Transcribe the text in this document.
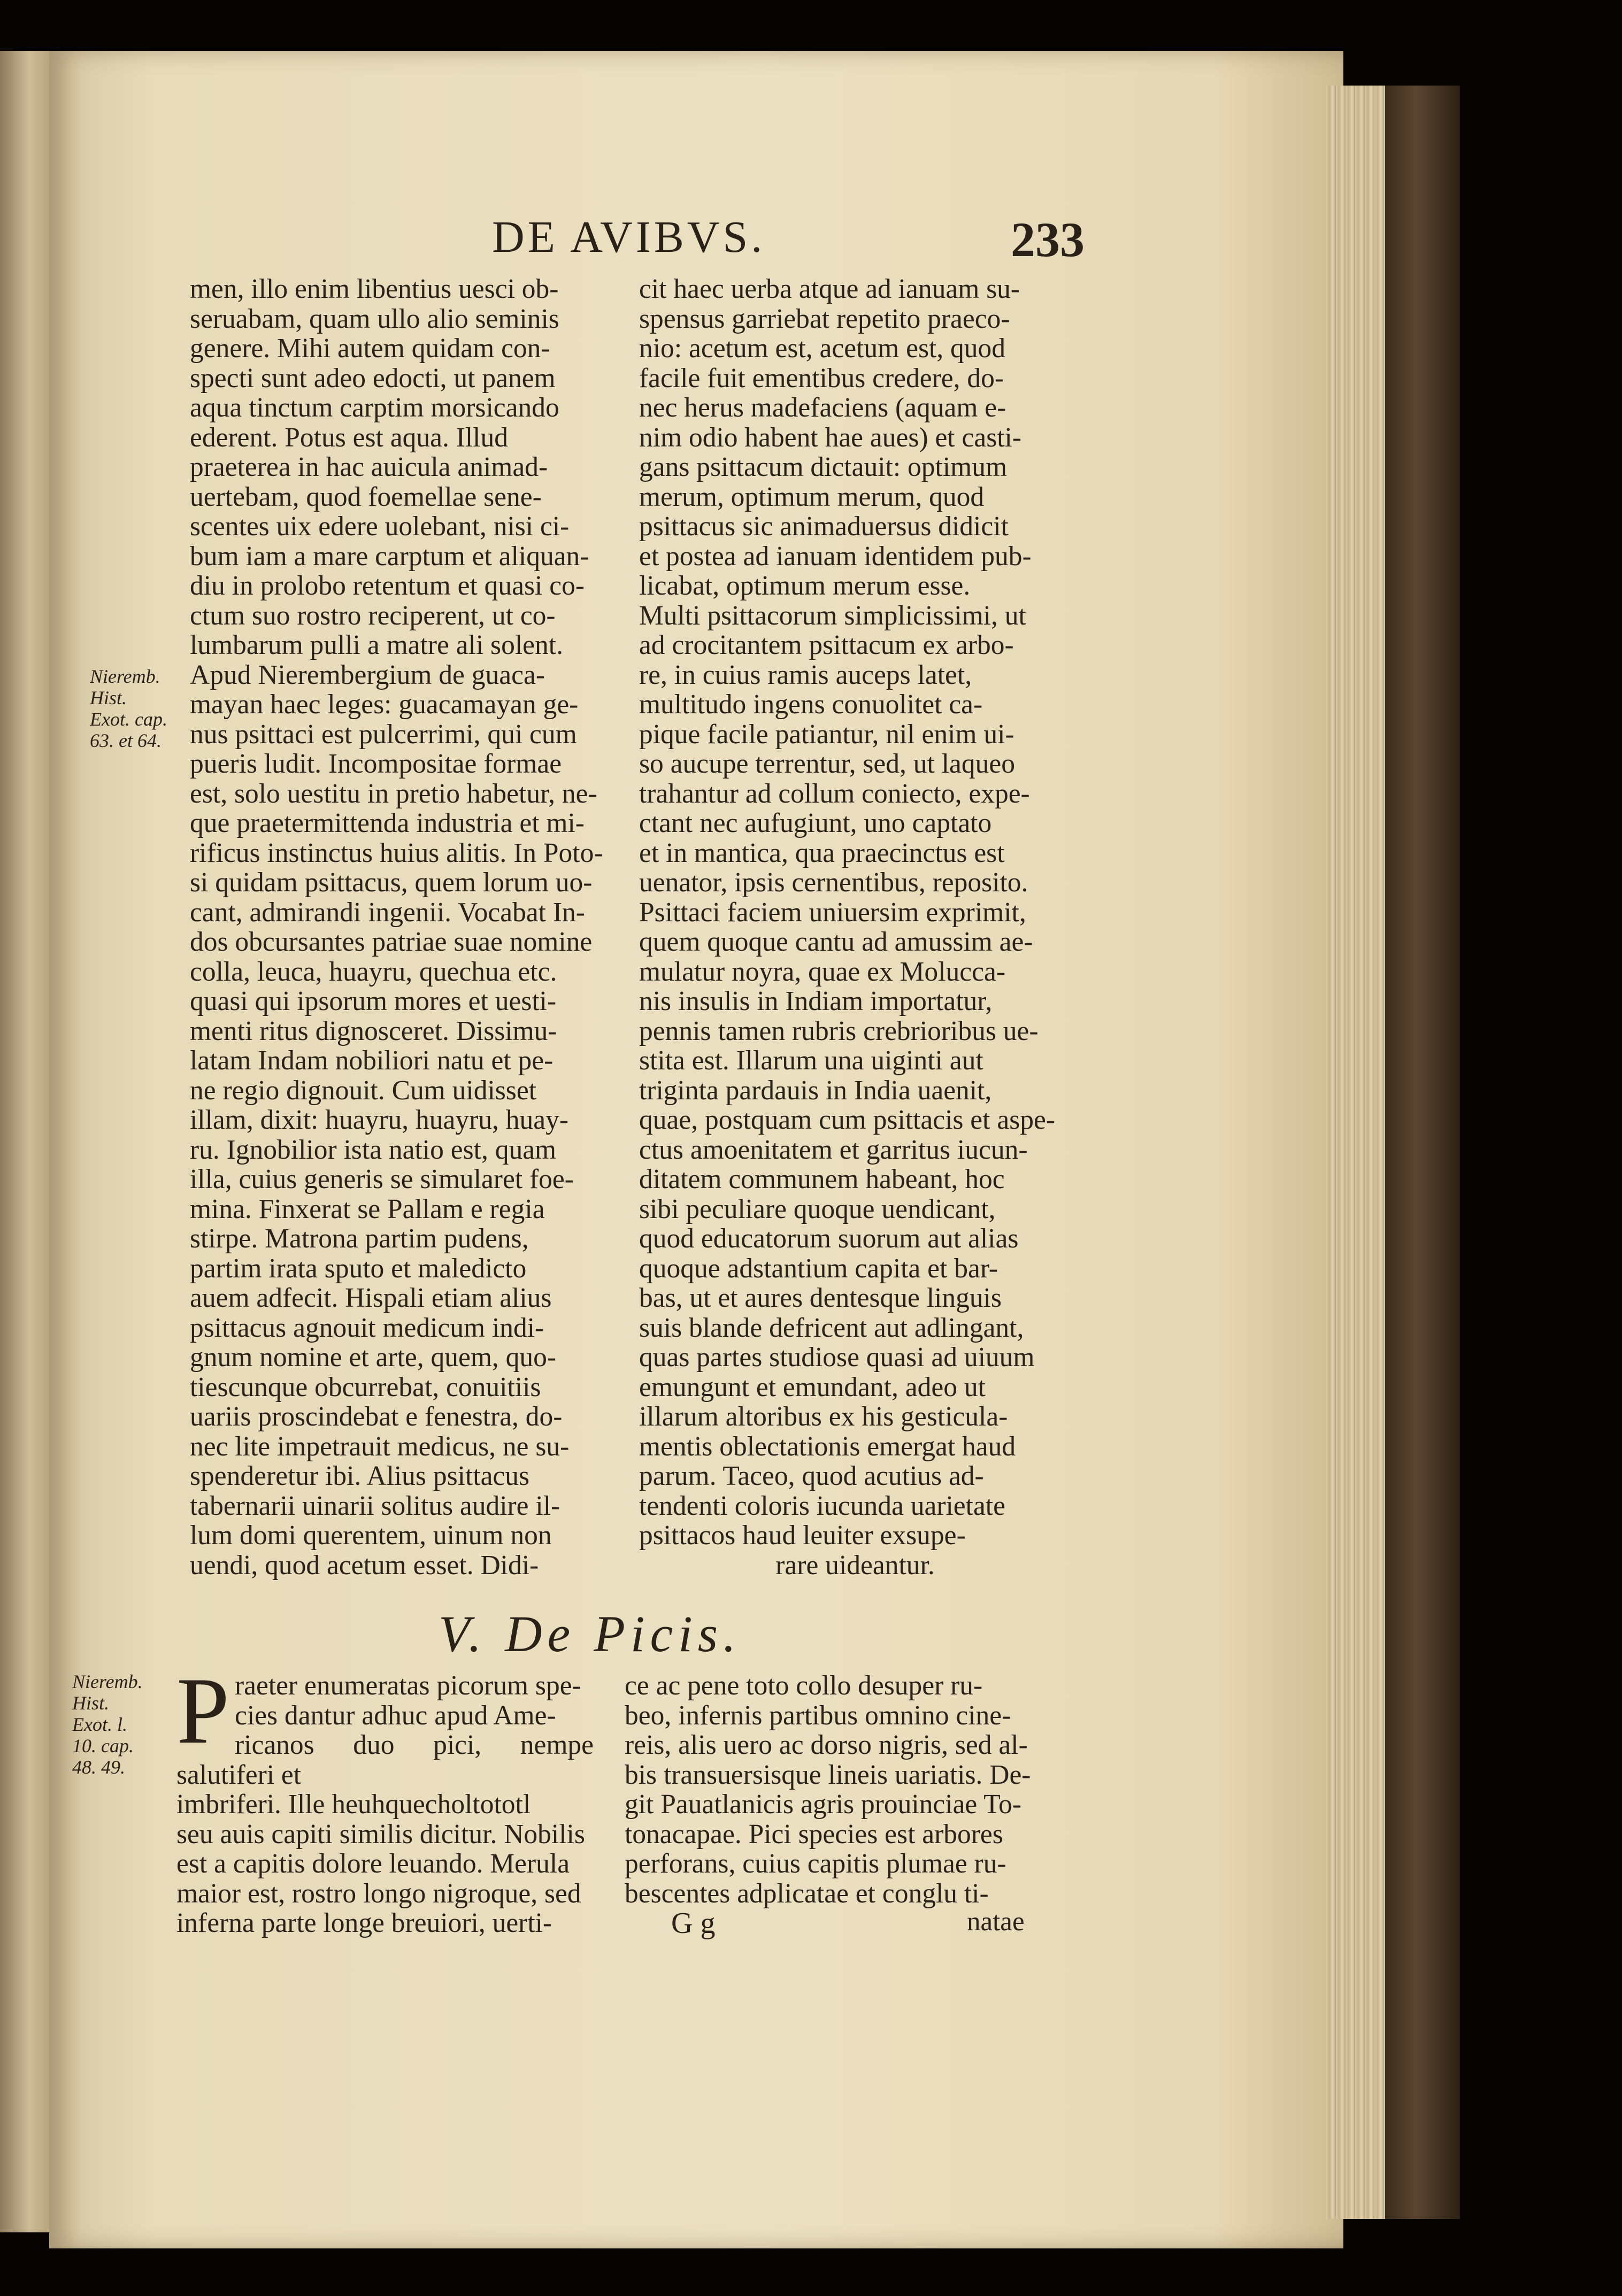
DE AVIBVS.	233

men, illo enim libentius uesci ob-

seruabam, quam ullo alio seminis

genere. Mihi autem quidam con-

specti sunt adeo edocti, ut panem

aqua tinctum carptim morsicando

ederent. Potus est aqua. Illud

praeterea in hac auicula animad-

uertebam, quod foemellae sene-

scentes uix edere uolebant, nisi ci-

bum iam a mare carptum et aliquan-

diu in prolobo retentum et quasi co-

ctum suo rostro reciperent, ut co-

lumbarum pulli a matre ali solent.

Apud Nierembergium de guaca-

mayan haec leges: guacamayan ge-

nus psittaci est pulcerrimi, qui cum

pueris ludit. Incompositae formae

est, solo uestitu in pretio habetur, ne-

que praetermittenda industria et mi-

rificus instinctus huius alitis. In Poto-

si quidam psittacus, quem lorum uo-

cant, admirandi ingenii. Vocabat In-

dos obcursantes patriae suae nomine

colla, leuca, huayru, quechua etc.

quasi qui ipsorum mores et uesti-

menti ritus dignosceret. Dissimu-

latam Indam nobiliori natu et pe-

ne regio dignouit. Cum uidisset

illam, dixit: huayru, huayru, huay-

ru. Ignobilior ista natio est, quam

illa, cuius generis se simularet foe-

mina. Finxerat se Pallam e regia

stirpe. Matrona partim pudens,

partim irata sputo et maledicto

auem adfecit. Hispali etiam alius

psittacus agnouit medicum indi-

gnum nomine et arte, quem, quo-

tiescunque obcurrebat, conuitiis

uariis proscindebat e fenestra, do-

nec lite impetrauit medicus, ne su-

spenderetur ibi. Alius psittacus

tabernarii uinarii solitus audire il-

lum domi querentem, uinum non

uendi, quod acetum esset. Didi-

cit haec uerba atque ad ianuam su-

spensus garriebat repetito praeco-

nio: acetum est, acetum est, quod

facile fuit ementibus credere, do-

nec herus madefaciens (aquam e-

nim odio habent hae aues) et casti-

gans psittacum dictauit: optimum

merum, optimum merum, quod

psittacus sic animaduersus didicit

et postea ad ianuam identidem pub-

licabat, optimum merum esse.

Multi psittacorum simplicissimi, ut

ad crocitantem psittacum ex arbo-

re, in cuius ramis auceps latet,

multitudo ingens conuolitet ca-

pique facile patiantur, nil enim ui-

so aucupe terrentur, sed, ut laqueo

trahantur ad collum coniecto, expe-

ctant nec aufugiunt, uno captato

et in mantica, qua praecinctus est

uenator, ipsis cernentibus, reposito.

Psittaci faciem uniuersim exprimit,

quem quoque cantu ad amussim ae-

mulatur noyra, quae ex Molucca-

nis insulis in Indiam importatur,

pennis tamen rubris crebrioribus ue-

stita est. Illarum una uiginti aut

triginta pardauis in India uaenit,

quae, postquam cum psittacis et aspe-

ctus amoenitatem et garritus iucun-

ditatem communem habeant, hoc

sibi peculiare quoque uendicant,

quod educatorum suorum aut alias

quoque adstantium capita et bar-

bas, ut et aures dentesque linguis

suis blande defricent aut adlingant,

quas partes studiose quasi ad uiuum

emungunt et emundant, adeo ut

illarum altoribus ex his gesticula-

mentis oblectationis emergat haud

parum. Taceo, quod acutius ad-

tendenti coloris iucunda uarietate

psittacos haud leuiter exsupe-

rare uideantur.

Nieremb.
Hist.
Exot. cap.
63. et 64.
V. De Picis.
Nieremb.
Hist.
Exot. l.
10. cap.
48. 49.
P raeter enumeratas picorum spe-

cies dantur adhuc apud Ame-

ricanos duo pici, nempe salutiferi et

imbriferi. Ille heuhquecholtototl

seu auis capiti similis dicitur. Nobilis

est a capitis dolore leuando. Merula

maior est, rostro longo nigroque, sed

inferna parte longe breuiori, uerti-

ce ac pene toto collo desuper ru-

beo, infernis partibus omnino cine-

reis, alis uero ac dorso nigris, sed al-

bis transuersisque lineis uariatis. De-

git Pauatlanicis agris prouinciae To-

tonacapae. Pici species est arbores

perforans, cuius capitis plumae ru-

bescentes adplicatae et conglu ti-

G g	natae
